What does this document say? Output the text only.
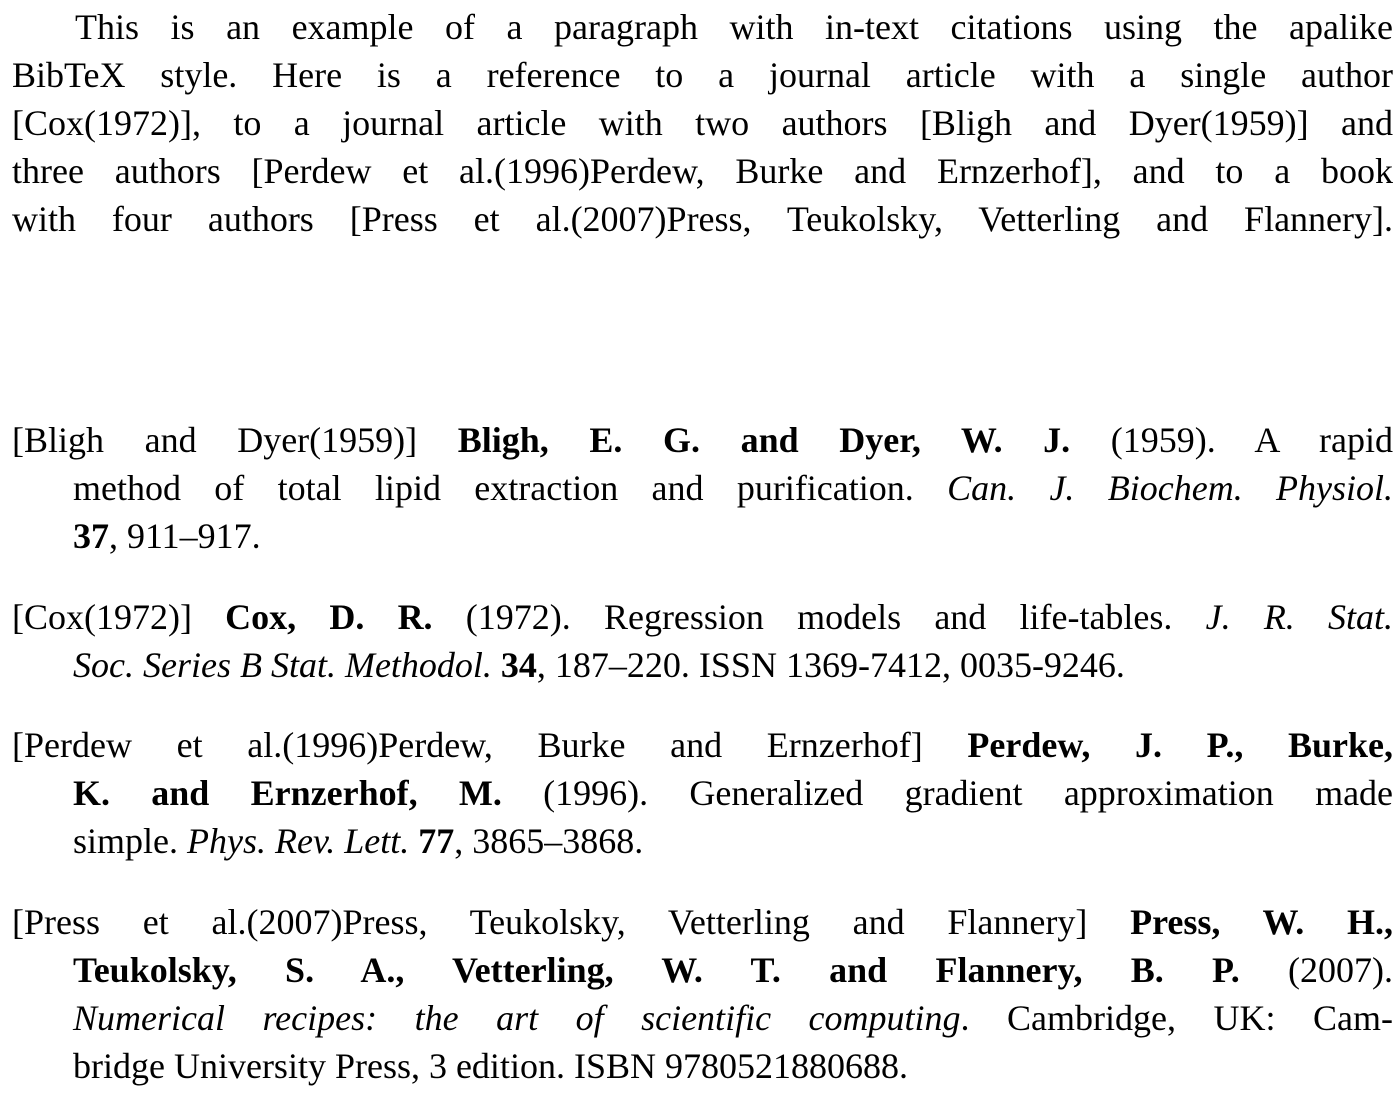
This is an example of a paragraph with in-text citations using the apalike
BibTeX style. Here is a reference to a journal article with a single author
[Cox(1972)], to a journal article with two authors [Bligh and Dyer(1959)] and
three authors [Perdew et al.(1996)Perdew, Burke and Ernzerhof], and to a book
with four authors [Press et al.(2007)Press, Teukolsky, Vetterling and Flannery].
[Bligh and Dyer(1959)] Bligh, E. G. and Dyer, W. J. (1959). A rapid
method of total lipid extraction and purification. Can. J. Biochem. Physiol.
37, 911–917.
[Cox(1972)] Cox, D. R. (1972). Regression models and life-tables. J. R. Stat.
Soc. Series B Stat. Methodol. 34, 187–220. ISSN 1369-7412, 0035-9246.
[Perdew et al.(1996)Perdew, Burke and Ernzerhof] Perdew, J. P., Burke,
K. and Ernzerhof, M. (1996). Generalized gradient approximation made
simple. Phys. Rev. Lett. 77, 3865–3868.
[Press et al.(2007)Press, Teukolsky, Vetterling and Flannery] Press, W. H.,
Teukolsky, S. A., Vetterling, W. T. and Flannery, B. P. (2007).
Numerical recipes: the art of scientific computing. Cambridge, UK: Cam-
bridge University Press, 3 edition. ISBN 9780521880688.
